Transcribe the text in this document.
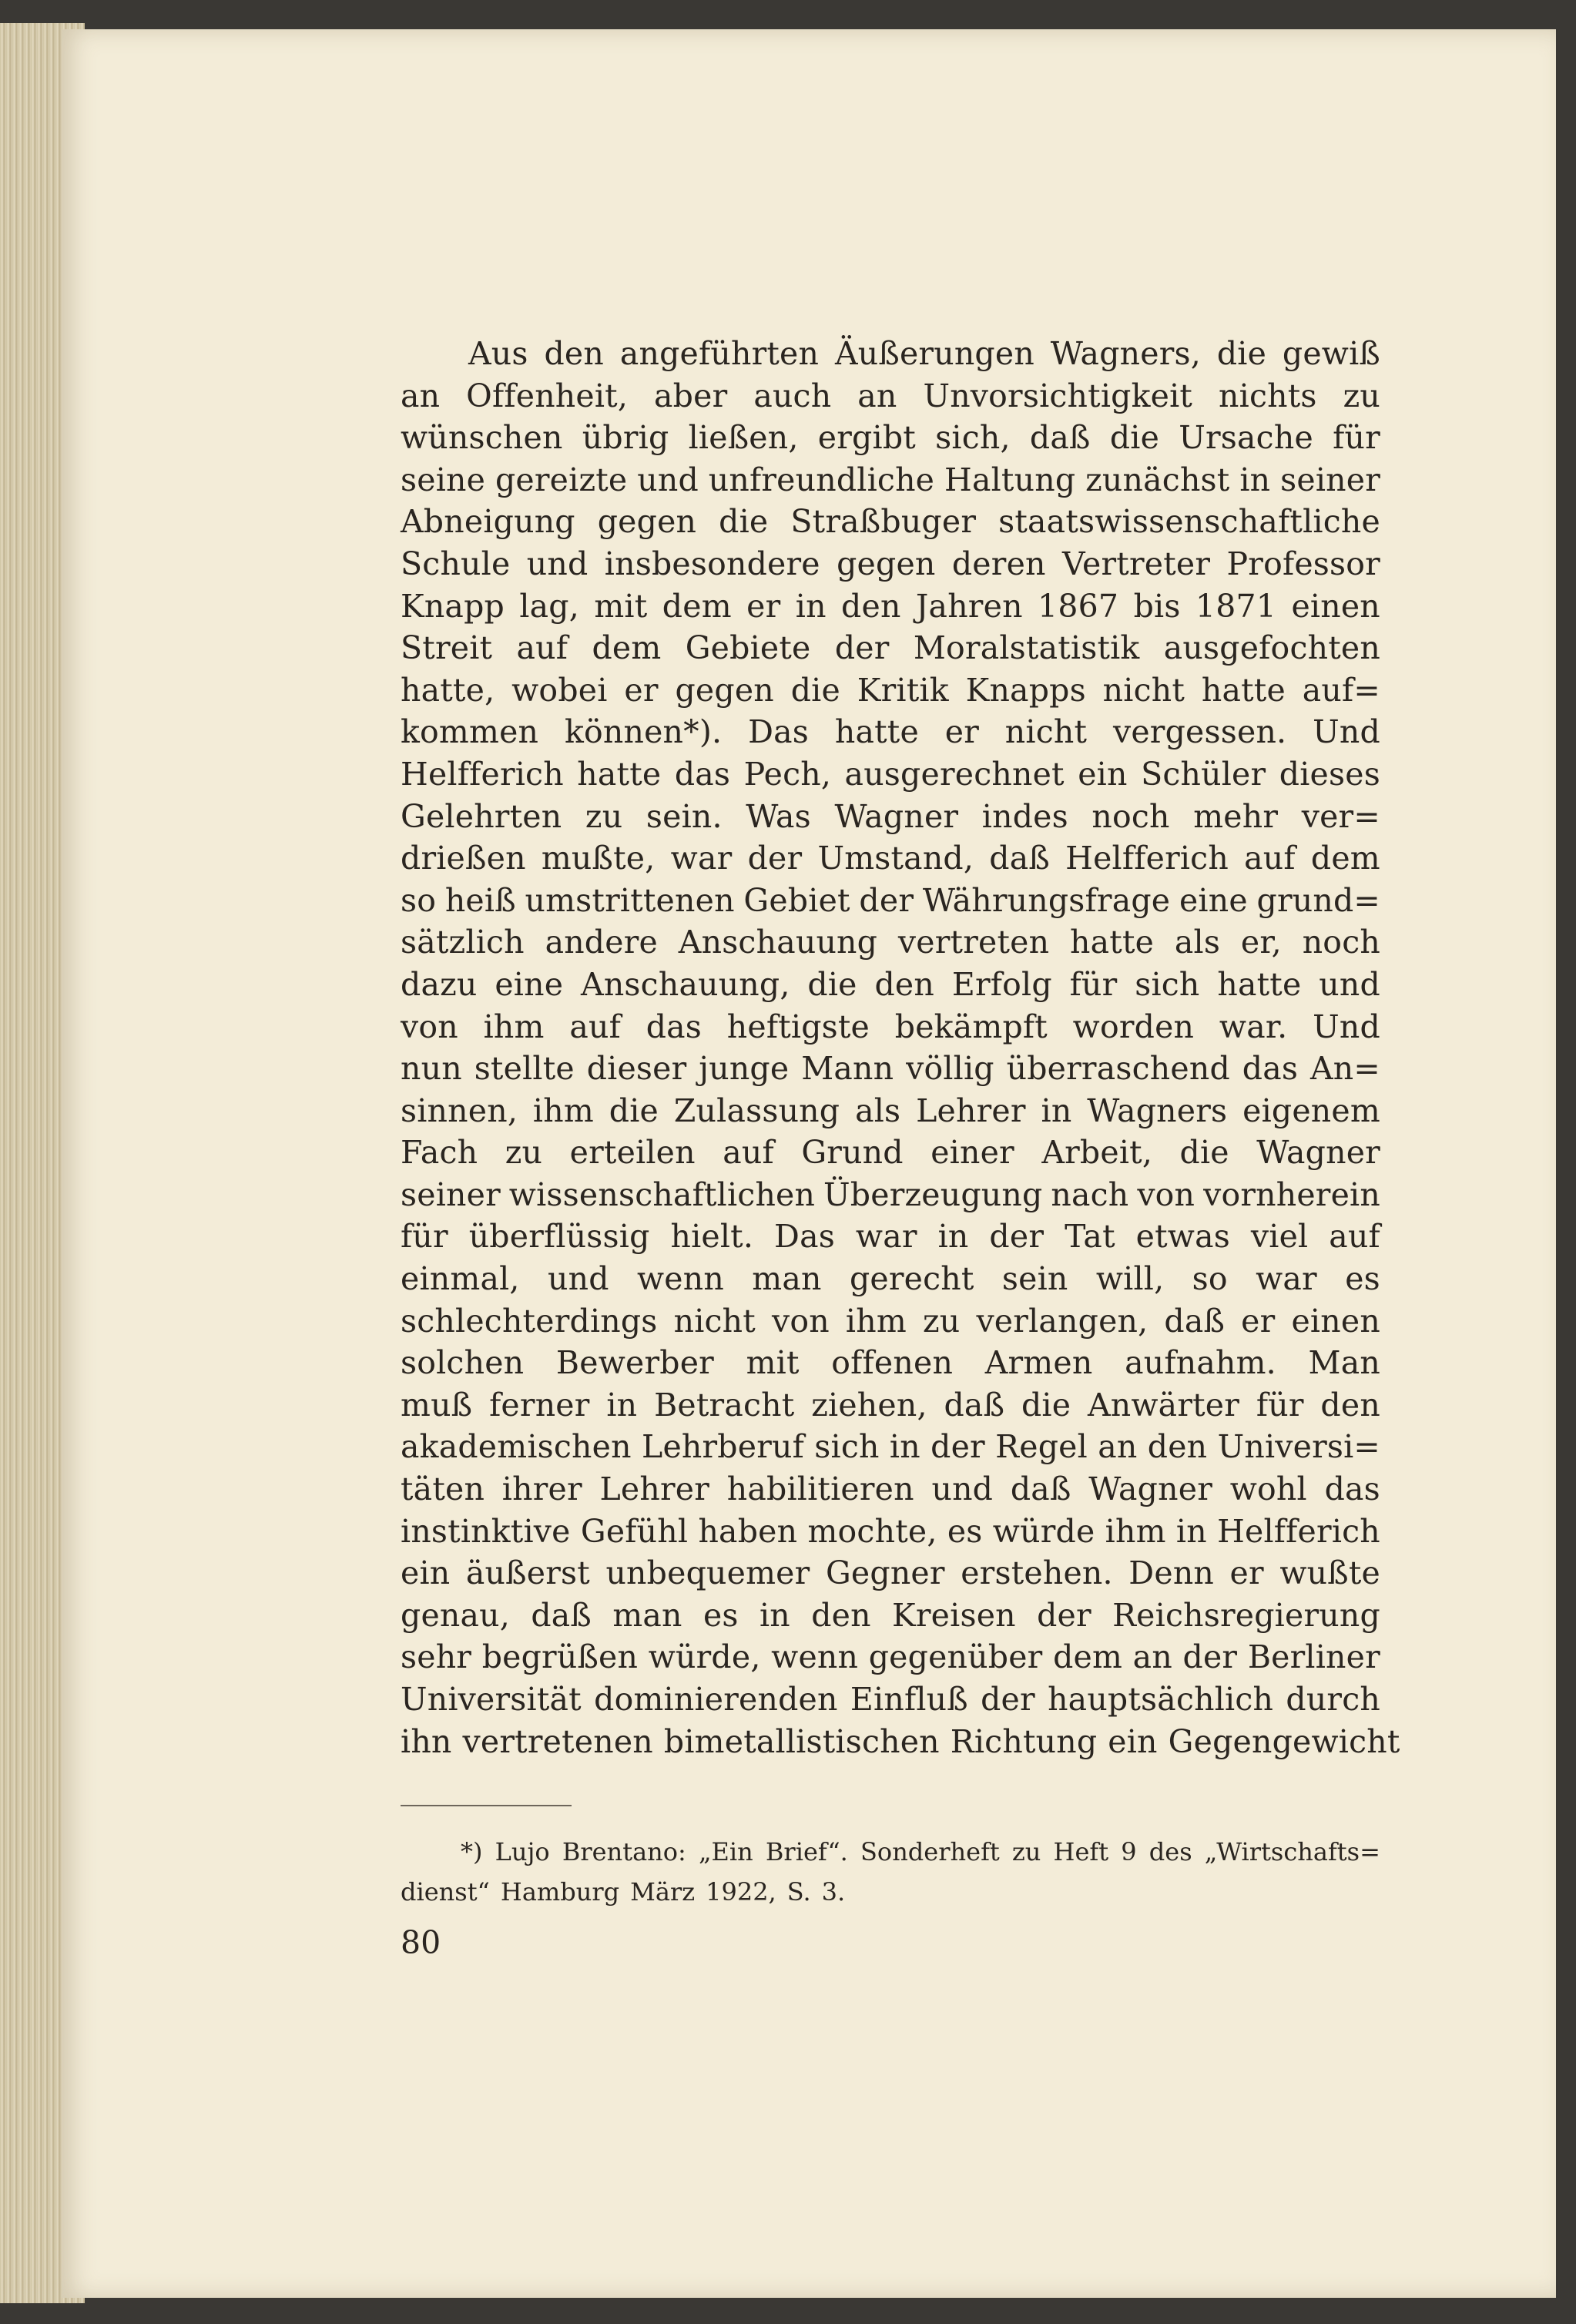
Aus den angeführten Äußerungen Wagners, die gewiß
an Offenheit, aber auch an Unvorsichtigkeit nichts zu
wünschen übrig ließen, ergibt sich, daß die Ursache für
seine gereizte und unfreundliche Haltung zunächst in seiner
Abneigung gegen die Straßbuger staatswissenschaftliche
Schule und insbesondere gegen deren Vertreter Professor
Knapp lag, mit dem er in den Jahren 1867 bis 1871 einen
Streit auf dem Gebiete der Moralstatistik ausgefochten
hatte, wobei er gegen die Kritik Knapps nicht hatte auf=
kommen können*). Das hatte er nicht vergessen. Und
Helfferich hatte das Pech, ausgerechnet ein Schüler dieses
Gelehrten zu sein. Was Wagner indes noch mehr ver=
drießen mußte, war der Umstand, daß Helfferich auf dem
so heiß umstrittenen Gebiet der Währungsfrage eine grund=
sätzlich andere Anschauung vertreten hatte als er, noch
dazu eine Anschauung, die den Erfolg für sich hatte und
von ihm auf das heftigste bekämpft worden war. Und
nun stellte dieser junge Mann völlig überraschend das An=
sinnen, ihm die Zulassung als Lehrer in Wagners eigenem
Fach zu erteilen auf Grund einer Arbeit, die Wagner
seiner wissenschaftlichen Überzeugung nach von vornherein
für überflüssig hielt. Das war in der Tat etwas viel auf
einmal, und wenn man gerecht sein will, so war es
schlechterdings nicht von ihm zu verlangen, daß er einen
solchen Bewerber mit offenen Armen aufnahm. Man
muß ferner in Betracht ziehen, daß die Anwärter für den
akademischen Lehrberuf sich in der Regel an den Universi=
täten ihrer Lehrer habilitieren und daß Wagner wohl das
instinktive Gefühl haben mochte, es würde ihm in Helfferich
ein äußerst unbequemer Gegner erstehen. Denn er wußte
genau, daß man es in den Kreisen der Reichsregierung
sehr begrüßen würde, wenn gegenüber dem an der Berliner
Universität dominierenden Einfluß der hauptsächlich durch
ihn vertretenen bimetallistischen Richtung ein Gegengewicht
*) Lujo Brentano: „Ein Brief“. Sonderheft zu Heft 9 des „Wirtschafts=
dienst“ Hamburg März 1922, S. 3.
80
